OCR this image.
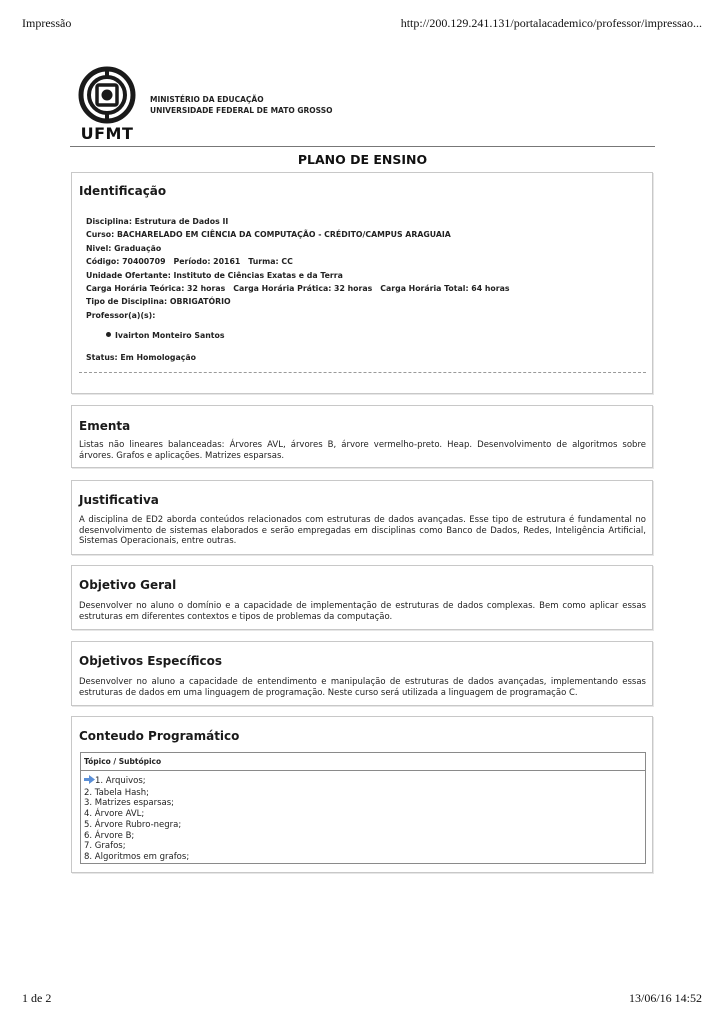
Impressão	http://200.129.241.131/portalacademico/professor/impressao...
UFMT
MINISTÉRIO DA EDUCAÇÃO
UNIVERSIDADE FEDERAL DE MATO GROSSO
PLANO DE ENSINO
Identificação
Disciplina: Estrutura de Dados II
Curso: BACHARELADO EM CIÊNCIA DA COMPUTAÇÃO - CRÉDITO/CAMPUS ARAGUAIA
Nivel: Graduação
Código: 70400709 Período: 20161 Turma: CC
Unidade Ofertante: Instituto de Ciências Exatas e da Terra
Carga Horária Teórica: 32 horas Carga Horária Prática: 32 horas Carga Horária Total: 64 horas
Tipo de Disciplina: OBRIGATÓRIO
Professor(a)(s):
Ivairton Monteiro Santos
Status: Em Homologação
Ementa

Listas não lineares balanceadas: Árvores AVL, árvores B, árvore vermelho-preto. Heap. Desenvolvimento de algoritmos sobre árvores. Grafos e aplicações. Matrizes esparsas.

Justificativa

A disciplina de ED2 aborda conteúdos relacionados com estruturas de dados avançadas. Esse tipo de estrutura é fundamental no desenvolvimento de sistemas elaborados e serão empregadas em disciplinas como Banco de Dados, Redes, Inteligência Artificial, Sistemas Operacionais, entre outras.

Objetivo Geral

Desenvolver no aluno o domínio e a capacidade de implementação de estruturas de dados complexas. Bem como aplicar essas estruturas em diferentes contextos e tipos de problemas da computação.

Objetivos Específicos

Desenvolver no aluno a capacidade de entendimento e manipulação de estruturas de dados avançadas, implementando essas estruturas de dados em uma linguagem de programação. Neste curso será utilizada a linguagem de programação C.

Conteudo Programático
Tópico / Subtópico
1. Arquivos;
2. Tabela Hash;
3. Matrizes esparsas;
4. Árvore AVL;
5. Árvore Rubro-negra;
6. Árvore B;
7. Grafos;
8. Algoritmos em grafos;
1 de 2	13/06/16 14:52
